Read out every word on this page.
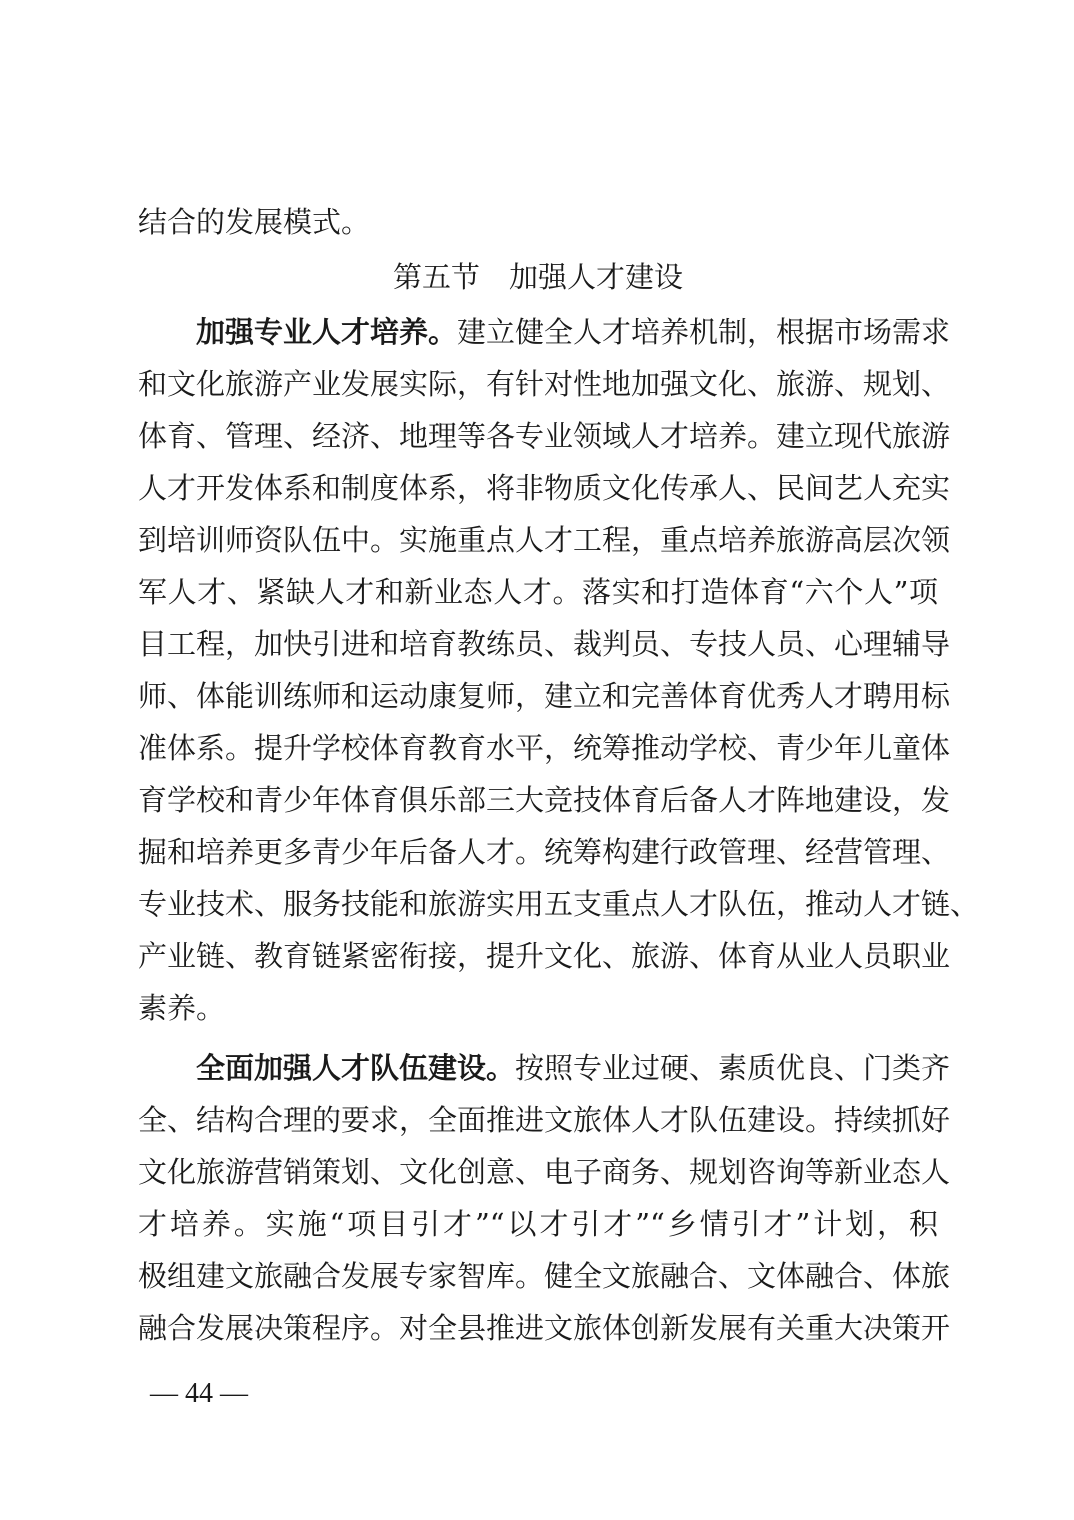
结合的发展模式。
第五节　加强人才建设
加强专业人才培养。建立健全人才培养机制，根据市场需求
和文化旅游产业发展实际，有针对性地加强文化、旅游、规划、
体育、管理、经济、地理等各专业领域人才培养。建立现代旅游
人才开发体系和制度体系，将非物质文化传承人、民间艺人充实
到培训师资队伍中。实施重点人才工程，重点培养旅游高层次领
军人才、紧缺人才和新业态人才。落实和打造体育“六个人”项
目工程，加快引进和培育教练员、裁判员、专技人员、心理辅导
师、体能训练师和运动康复师，建立和完善体育优秀人才聘用标
准体系。提升学校体育教育水平，统筹推动学校、青少年儿童体
育学校和青少年体育俱乐部三大竞技体育后备人才阵地建设，发
掘和培养更多青少年后备人才。统筹构建行政管理、经营管理、
专业技术、服务技能和旅游实用五支重点人才队伍，推动人才链、
产业链、教育链紧密衔接，提升文化、旅游、体育从业人员职业
素养。
全面加强人才队伍建设。按照专业过硬、素质优良、门类齐
全、结构合理的要求，全面推进文旅体人才队伍建设。持续抓好
文化旅游营销策划、文化创意、电子商务、规划咨询等新业态人
才培养。实施“项目引才”“以才引才”“乡情引才”计划，积
极组建文旅融合发展专家智库。健全文旅融合、文体融合、体旅
融合发展决策程序。对全县推进文旅体创新发展有关重大决策开
— 44 —
